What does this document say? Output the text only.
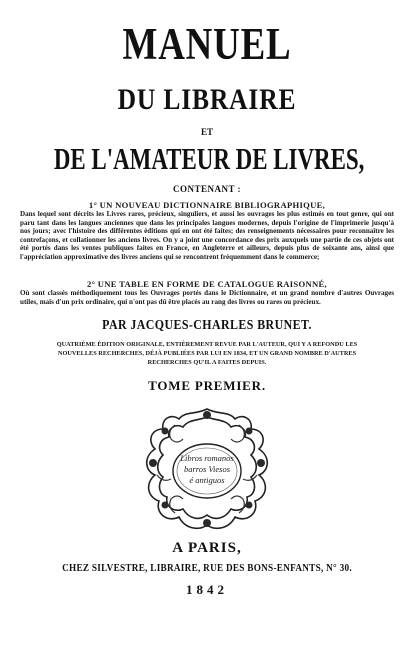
MANUEL
DU LIBRAIRE
ET
DE L'AMATEUR DE LIVRES,
CONTENANT :
1° UN NOUVEAU DICTIONNAIRE BIBLIOGRAPHIQUE,
Dans lequel sont décrits les Livres rares, précieux, singuliers, et aussi les ouvrages les plus estimés en tout genre, qui ont paru tant dans les langues anciennes que dans les principales langues modernes, depuis l'origine de l'imprimerie jusqu'à nos jours; avec l'histoire des différentes éditions qui en ont été faites; des renseignements nécessaires pour reconnaître les contrefaçons, et collationner les anciens livres. On y a joint une concordance des prix auxquels une partie de ces objets ont été portés dans les ventes publiques faites en France, en Angleterre et ailleurs, depuis plus de soixante ans, ainsi que l'appréciation approximative des livres anciens qui se rencontrent fréquemment dans le commerce;
2° UNE TABLE EN FORME DE CATALOGUE RAISONNÉ,
Où sont classés méthodiquement tous les Ouvrages portés dans le Dictionnaire, et un grand nombre d'autres Ouvrages utiles, mais d'un prix ordinaire, qui n'ont pas dû être placés au rang des livres ou rares ou précieux.
PAR JACQUES-CHARLES BRUNET.
QUATRIÈME ÉDITION ORIGINALE, ENTIÈREMENT REVUE PAR L'AUTEUR, QUI Y A REFONDU LES NOUVELLES RECHERCHES, DÉJÀ PUBLIÉES PAR LUI EN 1834, ET UN GRAND NOMBRE D'AUTRES RECHERCHES QU'IL A FAITES DEPUIS.
TOME PREMIER.
Libros romanos
barros Viesos
é antiguos
A PARIS,
CHEZ SILVESTRE, LIBRAIRE, RUE DES BONS-ENFANTS, N° 30.
1842
